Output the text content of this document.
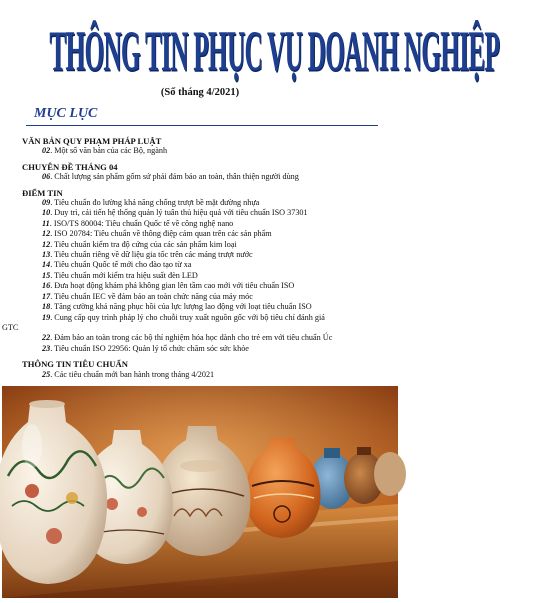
THÔNG TIN PHỤC VỤ DOANH NGHIỆP
(Số tháng 4/2021)
MỤC LỤC
VĂN BẢN QUY PHẠM PHÁP LUẬT
02. Một số văn bản của các Bộ, ngành
CHUYÊN ĐỀ THÁNG 04
06. Chất lượng sản phẩm gốm sứ phải đảm bảo an toàn, thân thiện người dùng
ĐIỂM TIN
09. Tiêu chuẩn đo lường khả năng chống trượt bề mặt đường nhựa
10. Duy trì, cải tiến hệ thống quản lý tuân thủ hiệu quả với tiêu chuẩn ISO 37301
11. ISO/TS 80004: Tiêu chuẩn Quốc tế về công nghệ nano
12. ISO 20784: Tiêu chuẩn về thông điệp cảm quan trên các sản phẩm
12. Tiêu chuẩn kiểm tra độ cứng của các sản phẩm kim loại
13. Tiêu chuẩn riêng về dữ liệu gia tốc trên các máng trượt nước
14. Tiêu chuẩn Quốc tế mới cho đào tạo từ xa
15. Tiêu chuẩn mới kiểm tra hiệu suất đèn LED
16. Đưa hoạt động khám phá không gian lên tầm cao mới với tiêu chuẩn ISO
17. Tiêu chuẩn IEC về đảm bảo an toàn chức năng của máy móc
18. Tăng cường khả năng phục hồi của lực lượng lao động với loạt tiêu chuẩn ISO
19. Cung cấp quy trình pháp lý cho chuỗi truy xuất nguồn gốc với bộ tiêu chí đánh giá
GTC
22. Đảm bảo an toàn trong các bộ thí nghiệm hóa học dành cho trẻ em với tiêu chuẩn Úc
23. Tiêu chuẩn ISO 22956: Quản lý tổ chức chăm sóc sức khỏe
THÔNG TIN TIÊU CHUẨN
25. Các tiêu chuẩn mới ban hành trong tháng 4/2021
